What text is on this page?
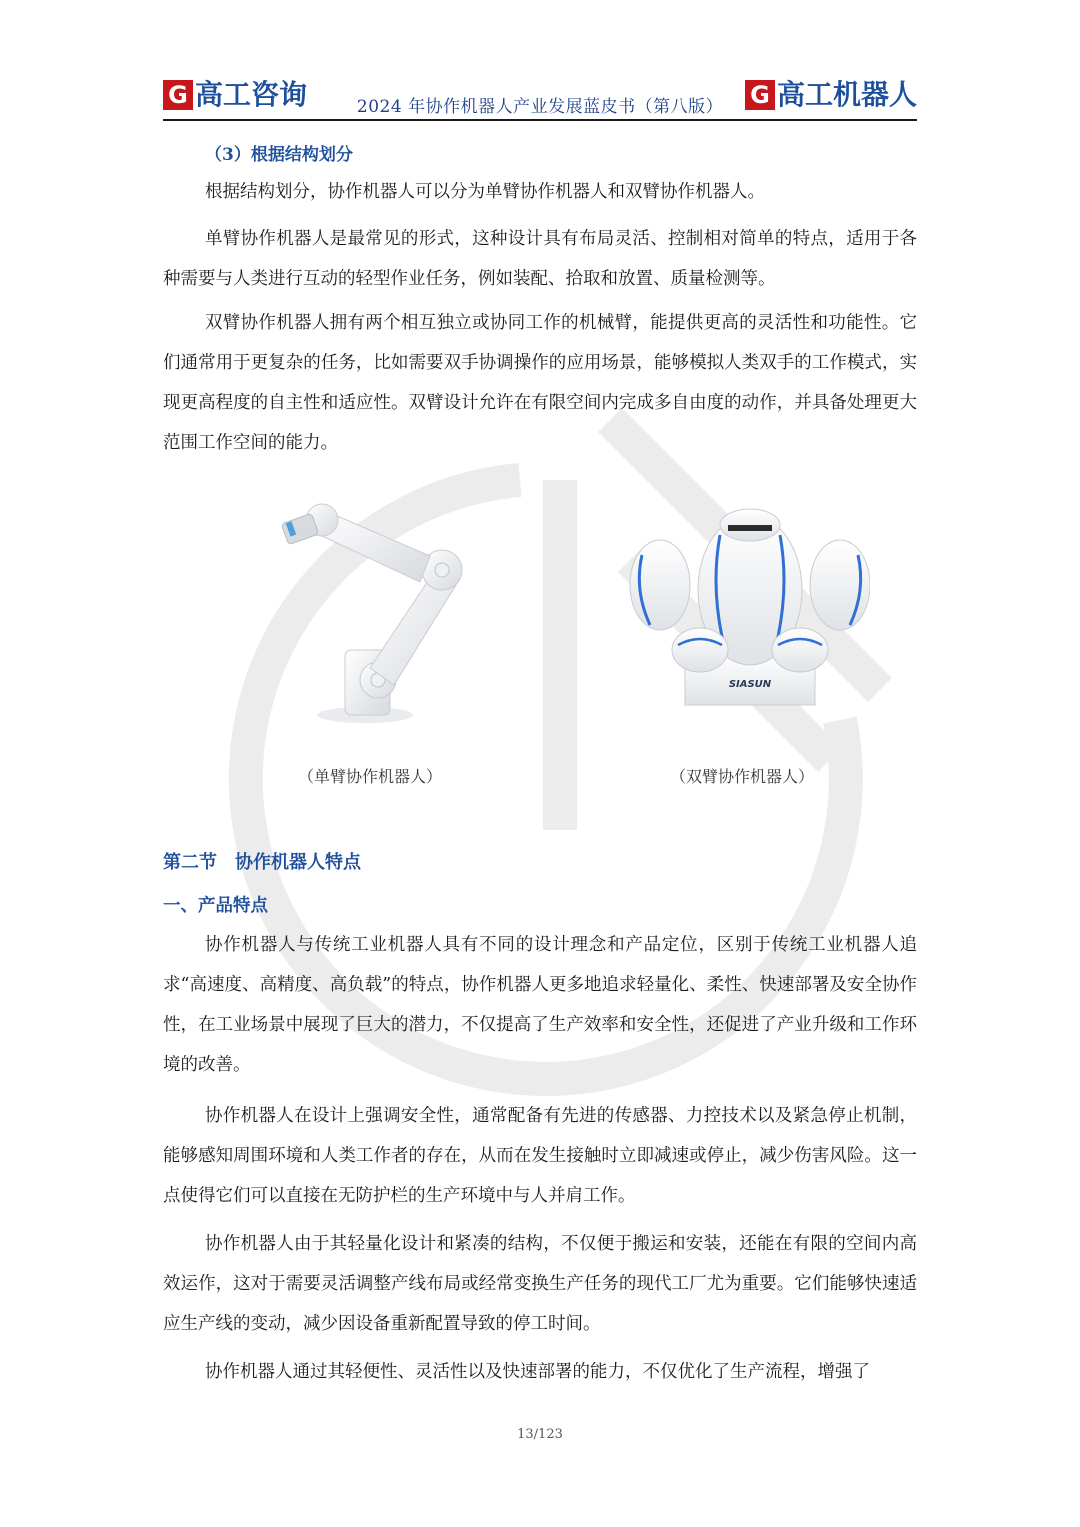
G 高工咨询	2024 年协作机器人产业发展蓝皮书（第八版）	G 高工机器人
（3）根据结构划分

根据结构划分，协作机器人可以分为单臂协作机器人和双臂协作机器人。

单臂协作机器人是最常见的形式，这种设计具有布局灵活、控制相对简单的特点，适用于各种需要与人类进行互动的轻型作业任务，例如装配、拾取和放置、质量检测等。

双臂协作机器人拥有两个相互独立或协同工作的机械臂，能提供更高的灵活性和功能性。它们通常用于更复杂的任务，比如需要双手协调操作的应用场景，能够模拟人类双手的工作模式，实现更高程度的自主性和适应性。双臂设计允许在有限空间内完成多自由度的动作，并具备处理更大范围工作空间的能力。

SIASUN
（单臂协作机器人）	（双臂协作机器人）
第二节　协作机器人特点
一、产品特点

协作机器人与传统工业机器人具有不同的设计理念和产品定位，区别于传统工业机器人追求“高速度、高精度、高负载”的特点，协作机器人更多地追求轻量化、柔性、快速部署及安全协作性，在工业场景中展现了巨大的潜力，不仅提高了生产效率和安全性，还促进了产业升级和工作环境的改善。

协作机器人在设计上强调安全性，通常配备有先进的传感器、力控技术以及紧急停止机制，能够感知周围环境和人类工作者的存在，从而在发生接触时立即减速或停止，减少伤害风险。这一点使得它们可以直接在无防护栏的生产环境中与人并肩工作。

协作机器人由于其轻量化设计和紧凑的结构，不仅便于搬运和安装，还能在有限的空间内高效运作，这对于需要灵活调整产线布局或经常变换生产任务的现代工厂尤为重要。它们能够快速适应生产线的变动，减少因设备重新配置导致的停工时间。

协作机器人通过其轻便性、灵活性以及快速部署的能力，不仅优化了生产流程，增强了

13/123
